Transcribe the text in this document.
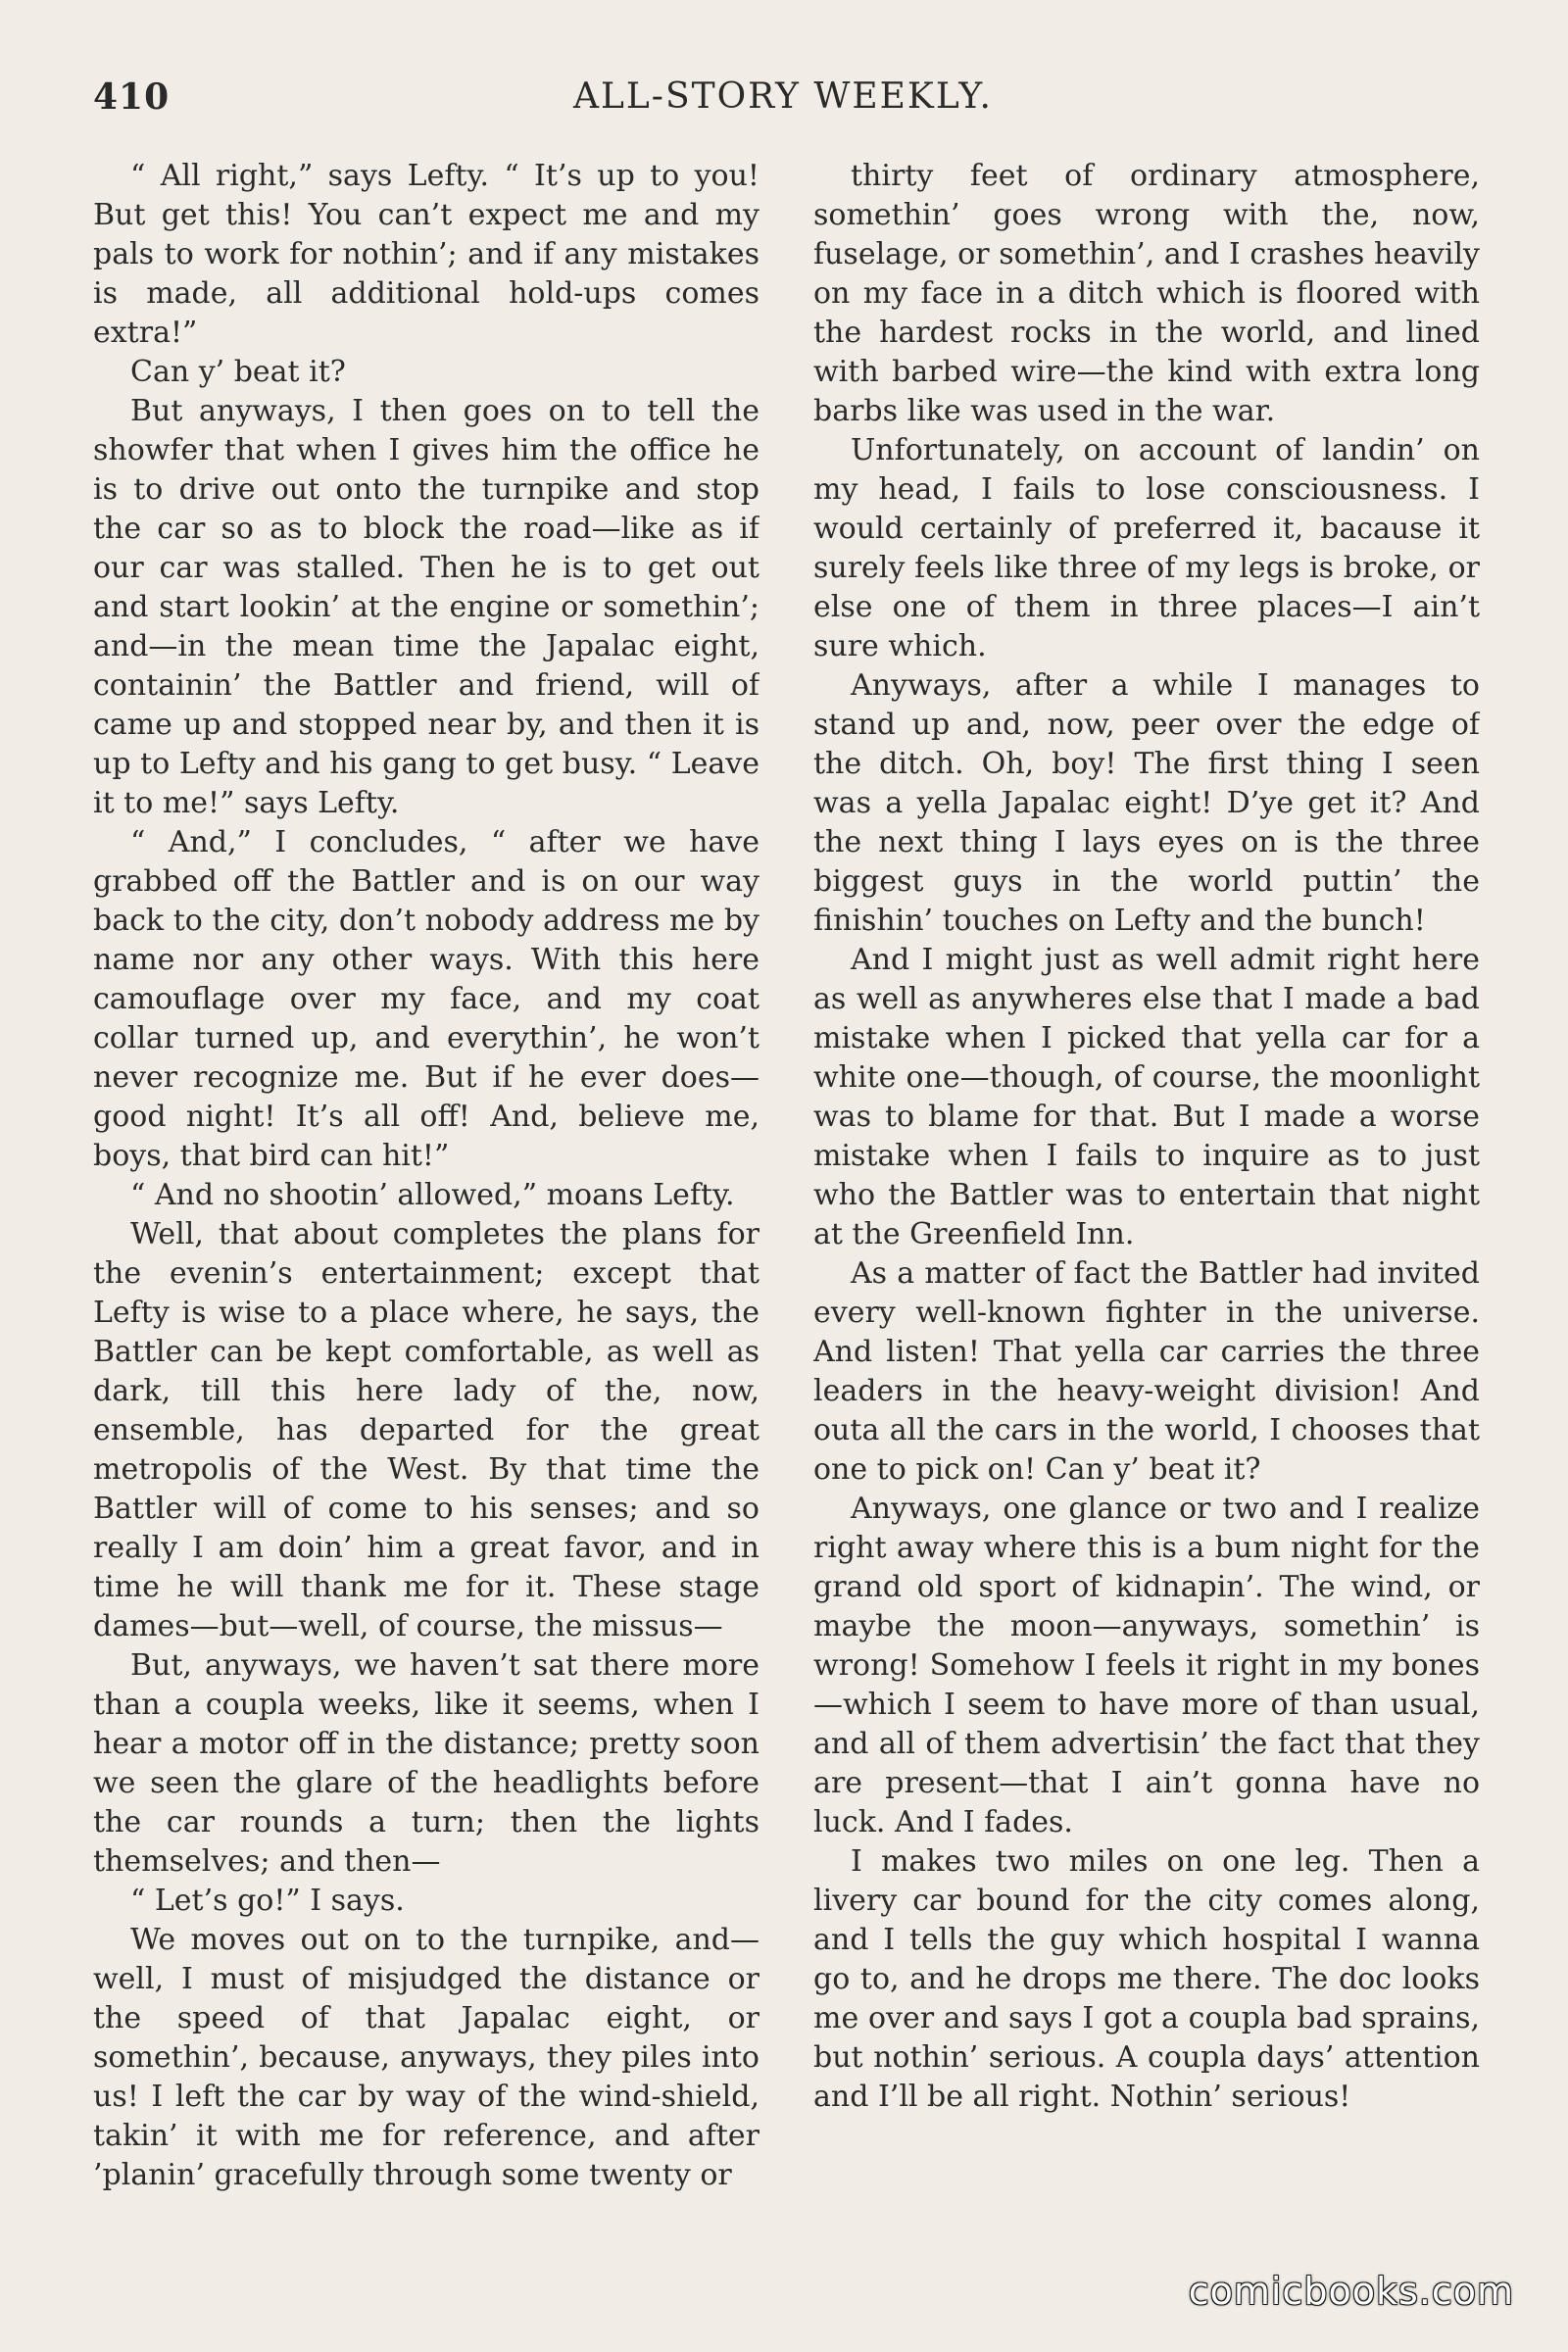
410	ALL-STORY WEEKLY.

“ All right,” says Lefty. “ It’s up to you! But get this! You can’t expect me and my pals to work for nothin’; and if any mistakes is made, all additional hold-ups comes extra!”

Can y’ beat it?

But anyways, I then goes on to tell the showfer that when I gives him the office he is to drive out onto the turnpike and stop the car so as to block the road—like as if our car was stalled. Then he is to get out and start lookin’ at the engine or somethin’; and—in the mean time the Japalac eight, containin’ the Battler and friend, will of came up and stopped near by, and then it is up to Lefty and his gang to get busy. “ Leave it to me!” says Lefty.

“ And,” I concludes, “ after we have grabbed off the Battler and is on our way back to the city, don’t nobody address me by name nor any other ways. With this here camouflage over my face, and my coat collar turned up, and everythin’, he won’t never recognize me. But if he ever does—good night! It’s all off! And, believe me, boys, that bird can hit!”

“ And no shootin’ allowed,” moans Lefty.

Well, that about completes the plans for the evenin’s entertainment; except that Lefty is wise to a place where, he says, the Battler can be kept comfortable, as well as dark, till this here lady of the, now, ensemble, has departed for the great metropolis of the West. By that time the Battler will of come to his senses; and so really I am doin’ him a great favor, and in time he will thank me for it. These stage dames—but—well, of course, the missus—

But, anyways, we haven’t sat there more than a coupla weeks, like it seems, when I hear a motor off in the distance; pretty soon we seen the glare of the headlights before the car rounds a turn; then the lights themselves; and then—

“ Let’s go!” I says.

We moves out on to the turnpike, and—well, I must of misjudged the distance or the speed of that Japalac eight, or somethin’, because, anyways, they piles into us! I left the car by way of the wind-shield, takin’ it with me for reference, and after ’planin’ gracefully through some twenty or

thirty feet of ordinary atmosphere, somethin’ goes wrong with the, now, fuselage, or somethin’, and I crashes heavily on my face in a ditch which is floored with the hardest rocks in the world, and lined with barbed wire—the kind with extra long barbs like was used in the war.

Unfortunately, on account of landin’ on my head, I fails to lose consciousness. I would certainly of preferred it, bacause it surely feels like three of my legs is broke, or else one of them in three places—I ain’t sure which.

Anyways, after a while I manages to stand up and, now, peer over the edge of the ditch. Oh, boy! The first thing I seen was a yella Japalac eight! D’ye get it? And the next thing I lays eyes on is the three biggest guys in the world puttin’ the finishin’ touches on Lefty and the bunch!

And I might just as well admit right here as well as anywheres else that I made a bad mistake when I picked that yella car for a white one—though, of course, the moonlight was to blame for that. But I made a worse mistake when I fails to inquire as to just who the Battler was to entertain that night at the Greenfield Inn.

As a matter of fact the Battler had invited every well-known fighter in the universe. And listen! That yella car carries the three leaders in the heavy-weight division! And outa all the cars in the world, I chooses that one to pick on! Can y’ beat it?

Anyways, one glance or two and I realize right away where this is a bum night for the grand old sport of kidnapin’. The wind, or maybe the moon—anyways, somethin’ is wrong! Somehow I feels it right in my bones—which I seem to have more of than usual, and all of them advertisin’ the fact that they are present—that I ain’t gonna have no luck. And I fades.

I makes two miles on one leg. Then a livery car bound for the city comes along, and I tells the guy which hospital I wanna go to, and he drops me there. The doc looks me over and says I got a coupla bad sprains, but nothin’ serious. A coupla days’ attention and I’ll be all right. Nothin’ serious!

comicbooks.com
